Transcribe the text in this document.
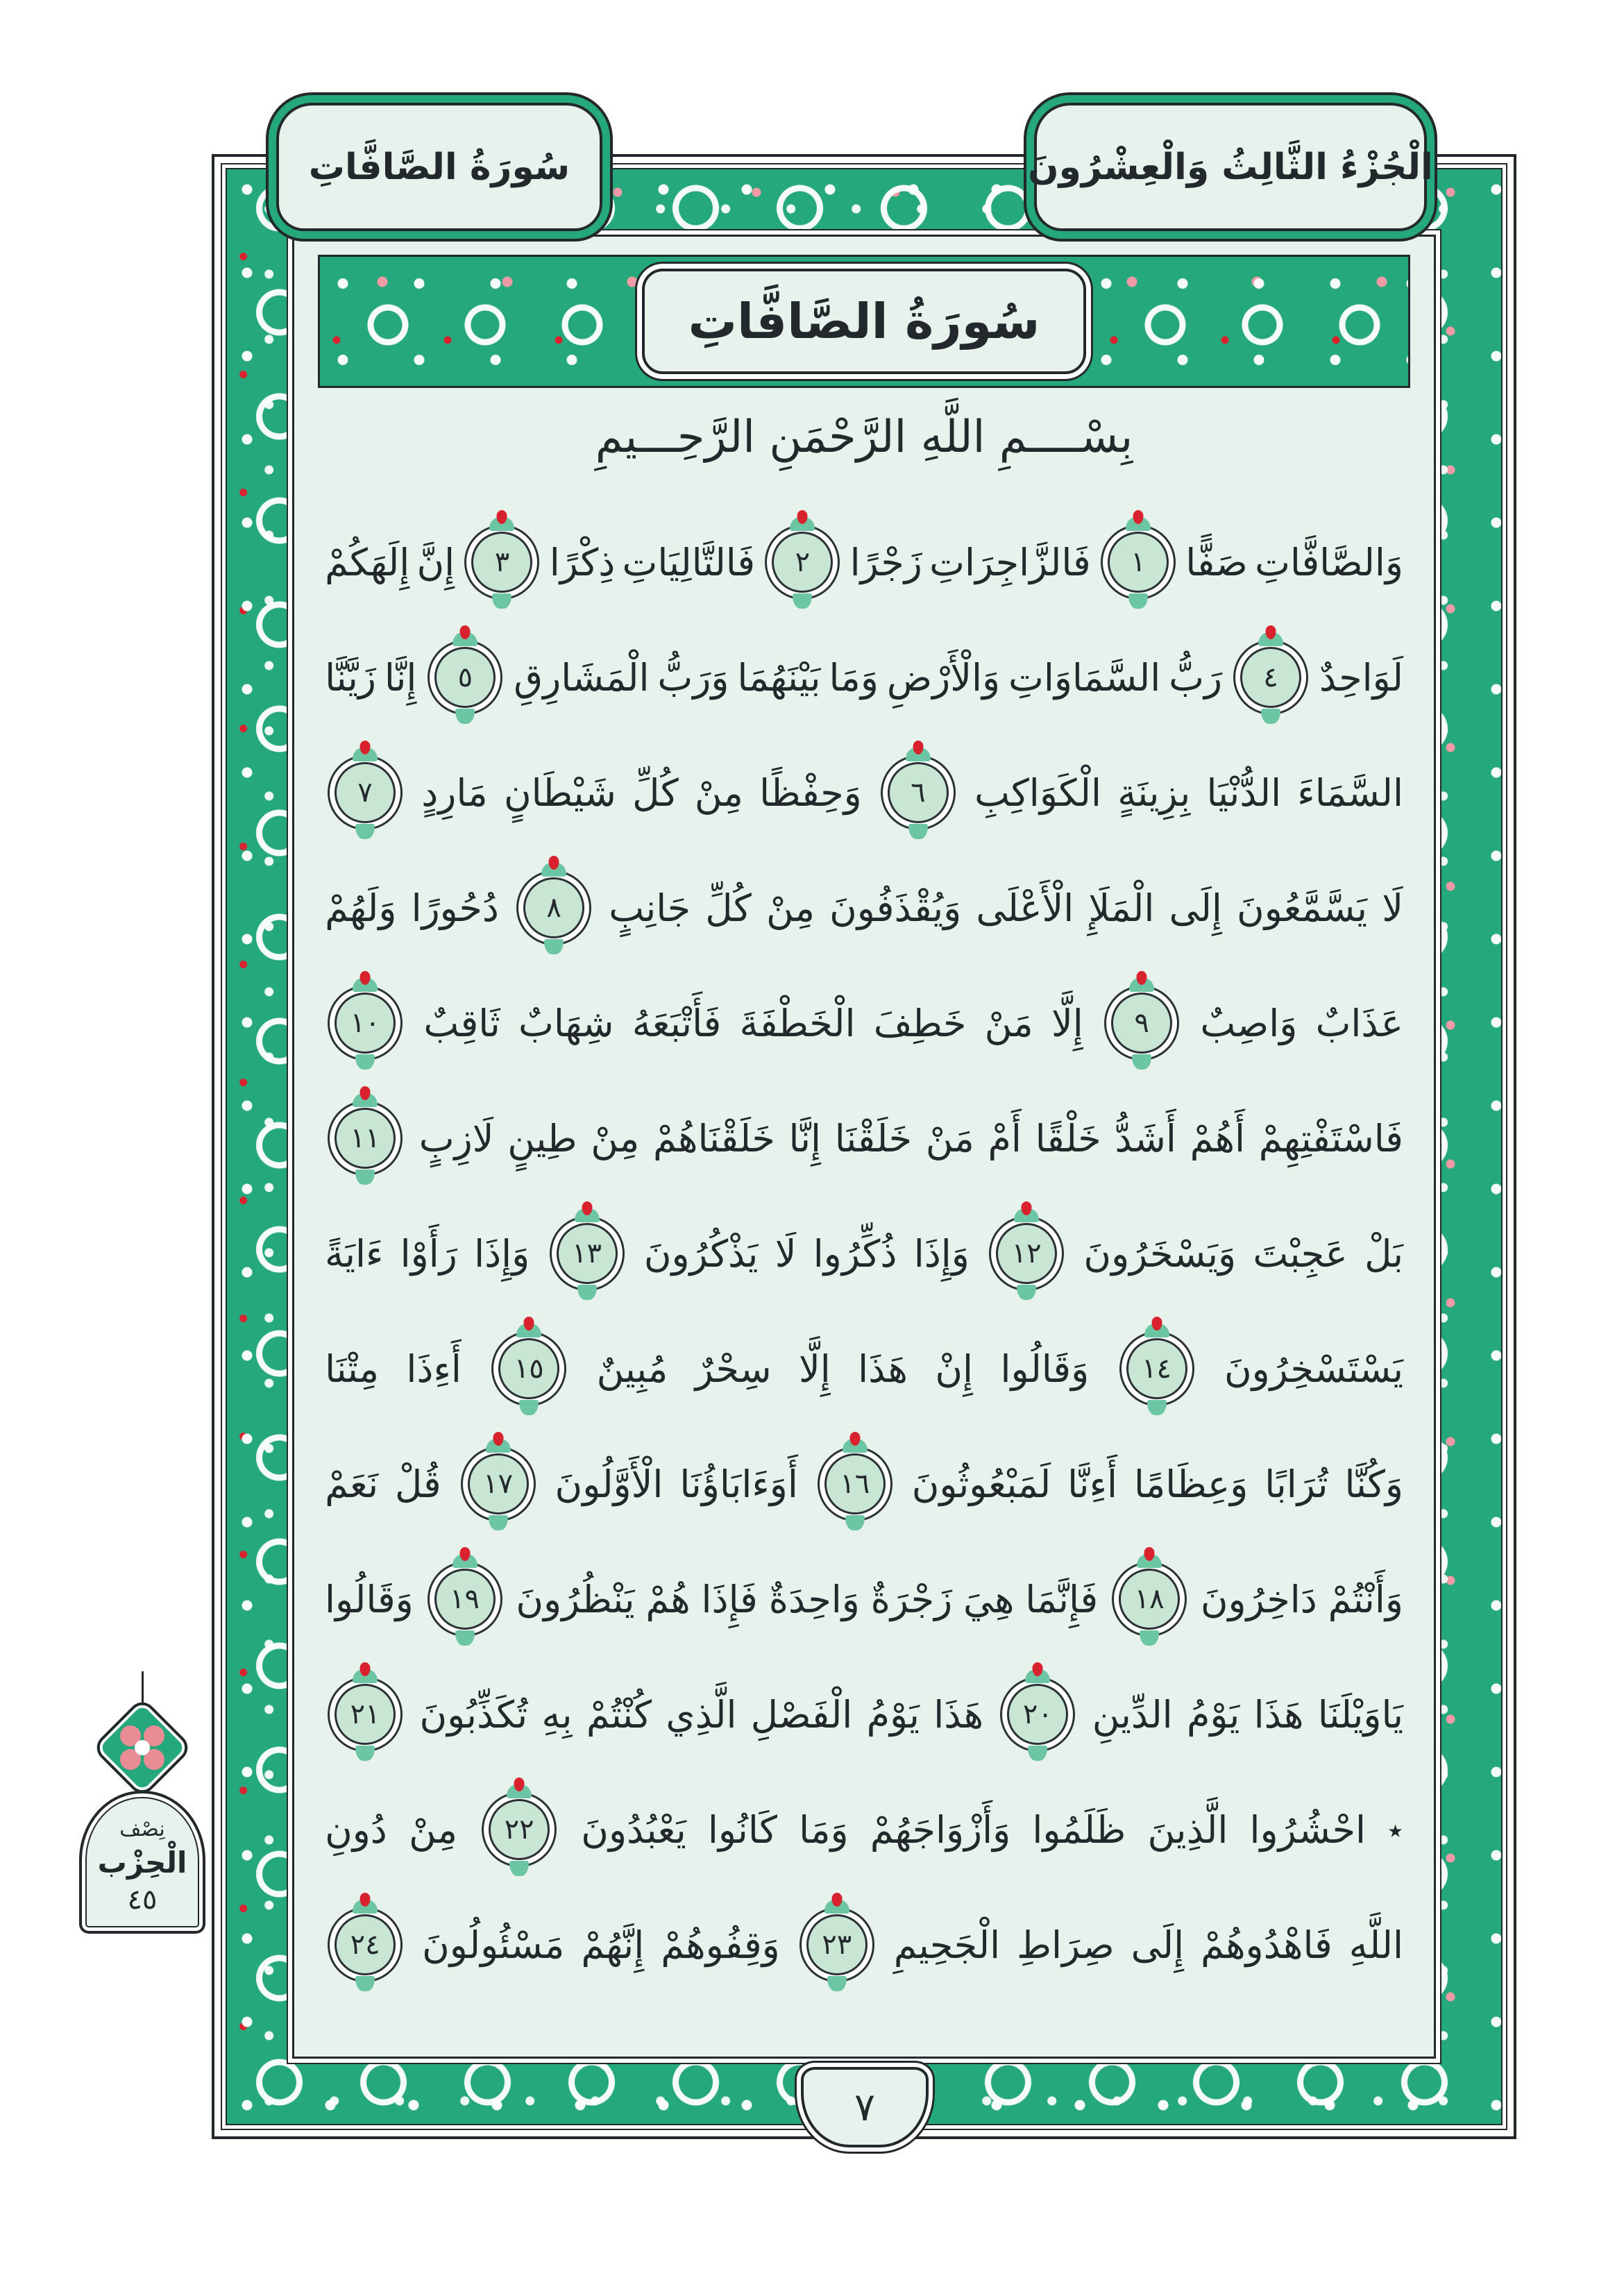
سُورَةُ الصَّافَّاتِ	الْجُزْءُ الثَّالِثُ وَالْعِشْرُونَ
سُورَةُ الصَّافَّاتِ
بِسْــــمِ اللَّهِ الرَّحْمَنِ الرَّحِـــيمِ
وَالصَّافَّاتِ
صَفًّا
١
فَالزَّاجِرَاتِ
زَجْرًا
٢
فَالتَّالِيَاتِ
ذِكْرًا
٣
إِنَّ
إِلَهَكُمْ
لَوَاحِدٌ
٤
رَبُّ
السَّمَاوَاتِ
وَالْأَرْضِ
وَمَا
بَيْنَهُمَا
وَرَبُّ
الْمَشَارِقِ
٥
إِنَّا
زَيَّنَّا
السَّمَاءَ
الدُّنْيَا
بِزِينَةٍ
الْكَوَاكِبِ
٦
وَحِفْظًا
مِنْ
كُلِّ
شَيْطَانٍ
مَارِدٍ
٧
لَا
يَسَّمَّعُونَ
إِلَى
الْمَلَإِ
الْأَعْلَى
وَيُقْذَفُونَ
مِنْ
كُلِّ
جَانِبٍ
٨
دُحُورًا
وَلَهُمْ
عَذَابٌ
وَاصِبٌ
٩
إِلَّا
مَنْ
خَطِفَ
الْخَطْفَةَ
فَأَتْبَعَهُ
شِهَابٌ
ثَاقِبٌ
١٠
فَاسْتَفْتِهِمْ
أَهُمْ
أَشَدُّ
خَلْقًا
أَمْ
مَنْ
خَلَقْنَا
إِنَّا
خَلَقْنَاهُمْ
مِنْ
طِينٍ
لَازِبٍ
١١
بَلْ
عَجِبْتَ
وَيَسْخَرُونَ
١٢
وَإِذَا
ذُكِّرُوا
لَا
يَذْكُرُونَ
١٣
وَإِذَا
رَأَوْا
ءَايَةً
يَسْتَسْخِرُونَ
١٤
وَقَالُوا
إِنْ
هَذَا
إِلَّا
سِحْرٌ
مُبِينٌ
١٥
أَءِذَا
مِتْنَا
وَكُنَّا
تُرَابًا
وَعِظَامًا
أَءِنَّا
لَمَبْعُوثُونَ
١٦
أَوَءَابَاؤُنَا
الْأَوَّلُونَ
١٧
قُلْ
نَعَمْ
وَأَنْتُمْ
دَاخِرُونَ
١٨
فَإِنَّمَا
هِيَ
زَجْرَةٌ
وَاحِدَةٌ
فَإِذَا
هُمْ
يَنْظُرُونَ
١٩
وَقَالُوا
يَاوَيْلَنَا
هَذَا
يَوْمُ
الدِّينِ
٢٠
هَذَا
يَوْمُ
الْفَصْلِ
الَّذِي
كُنْتُمْ
بِهِ
تُكَذِّبُونَ
٢١
٭
احْشُرُوا
الَّذِينَ
ظَلَمُوا
وَأَزْوَاجَهُمْ
وَمَا
كَانُوا
يَعْبُدُونَ
٢٢
مِنْ
دُونِ
اللَّهِ
فَاهْدُوهُمْ
إِلَى
صِرَاطِ
الْجَحِيمِ
٢٣
وَقِفُوهُمْ
إِنَّهُمْ
مَسْئُولُونَ
٢٤
نِصْف
الْحِزْب
٤٥
٧
